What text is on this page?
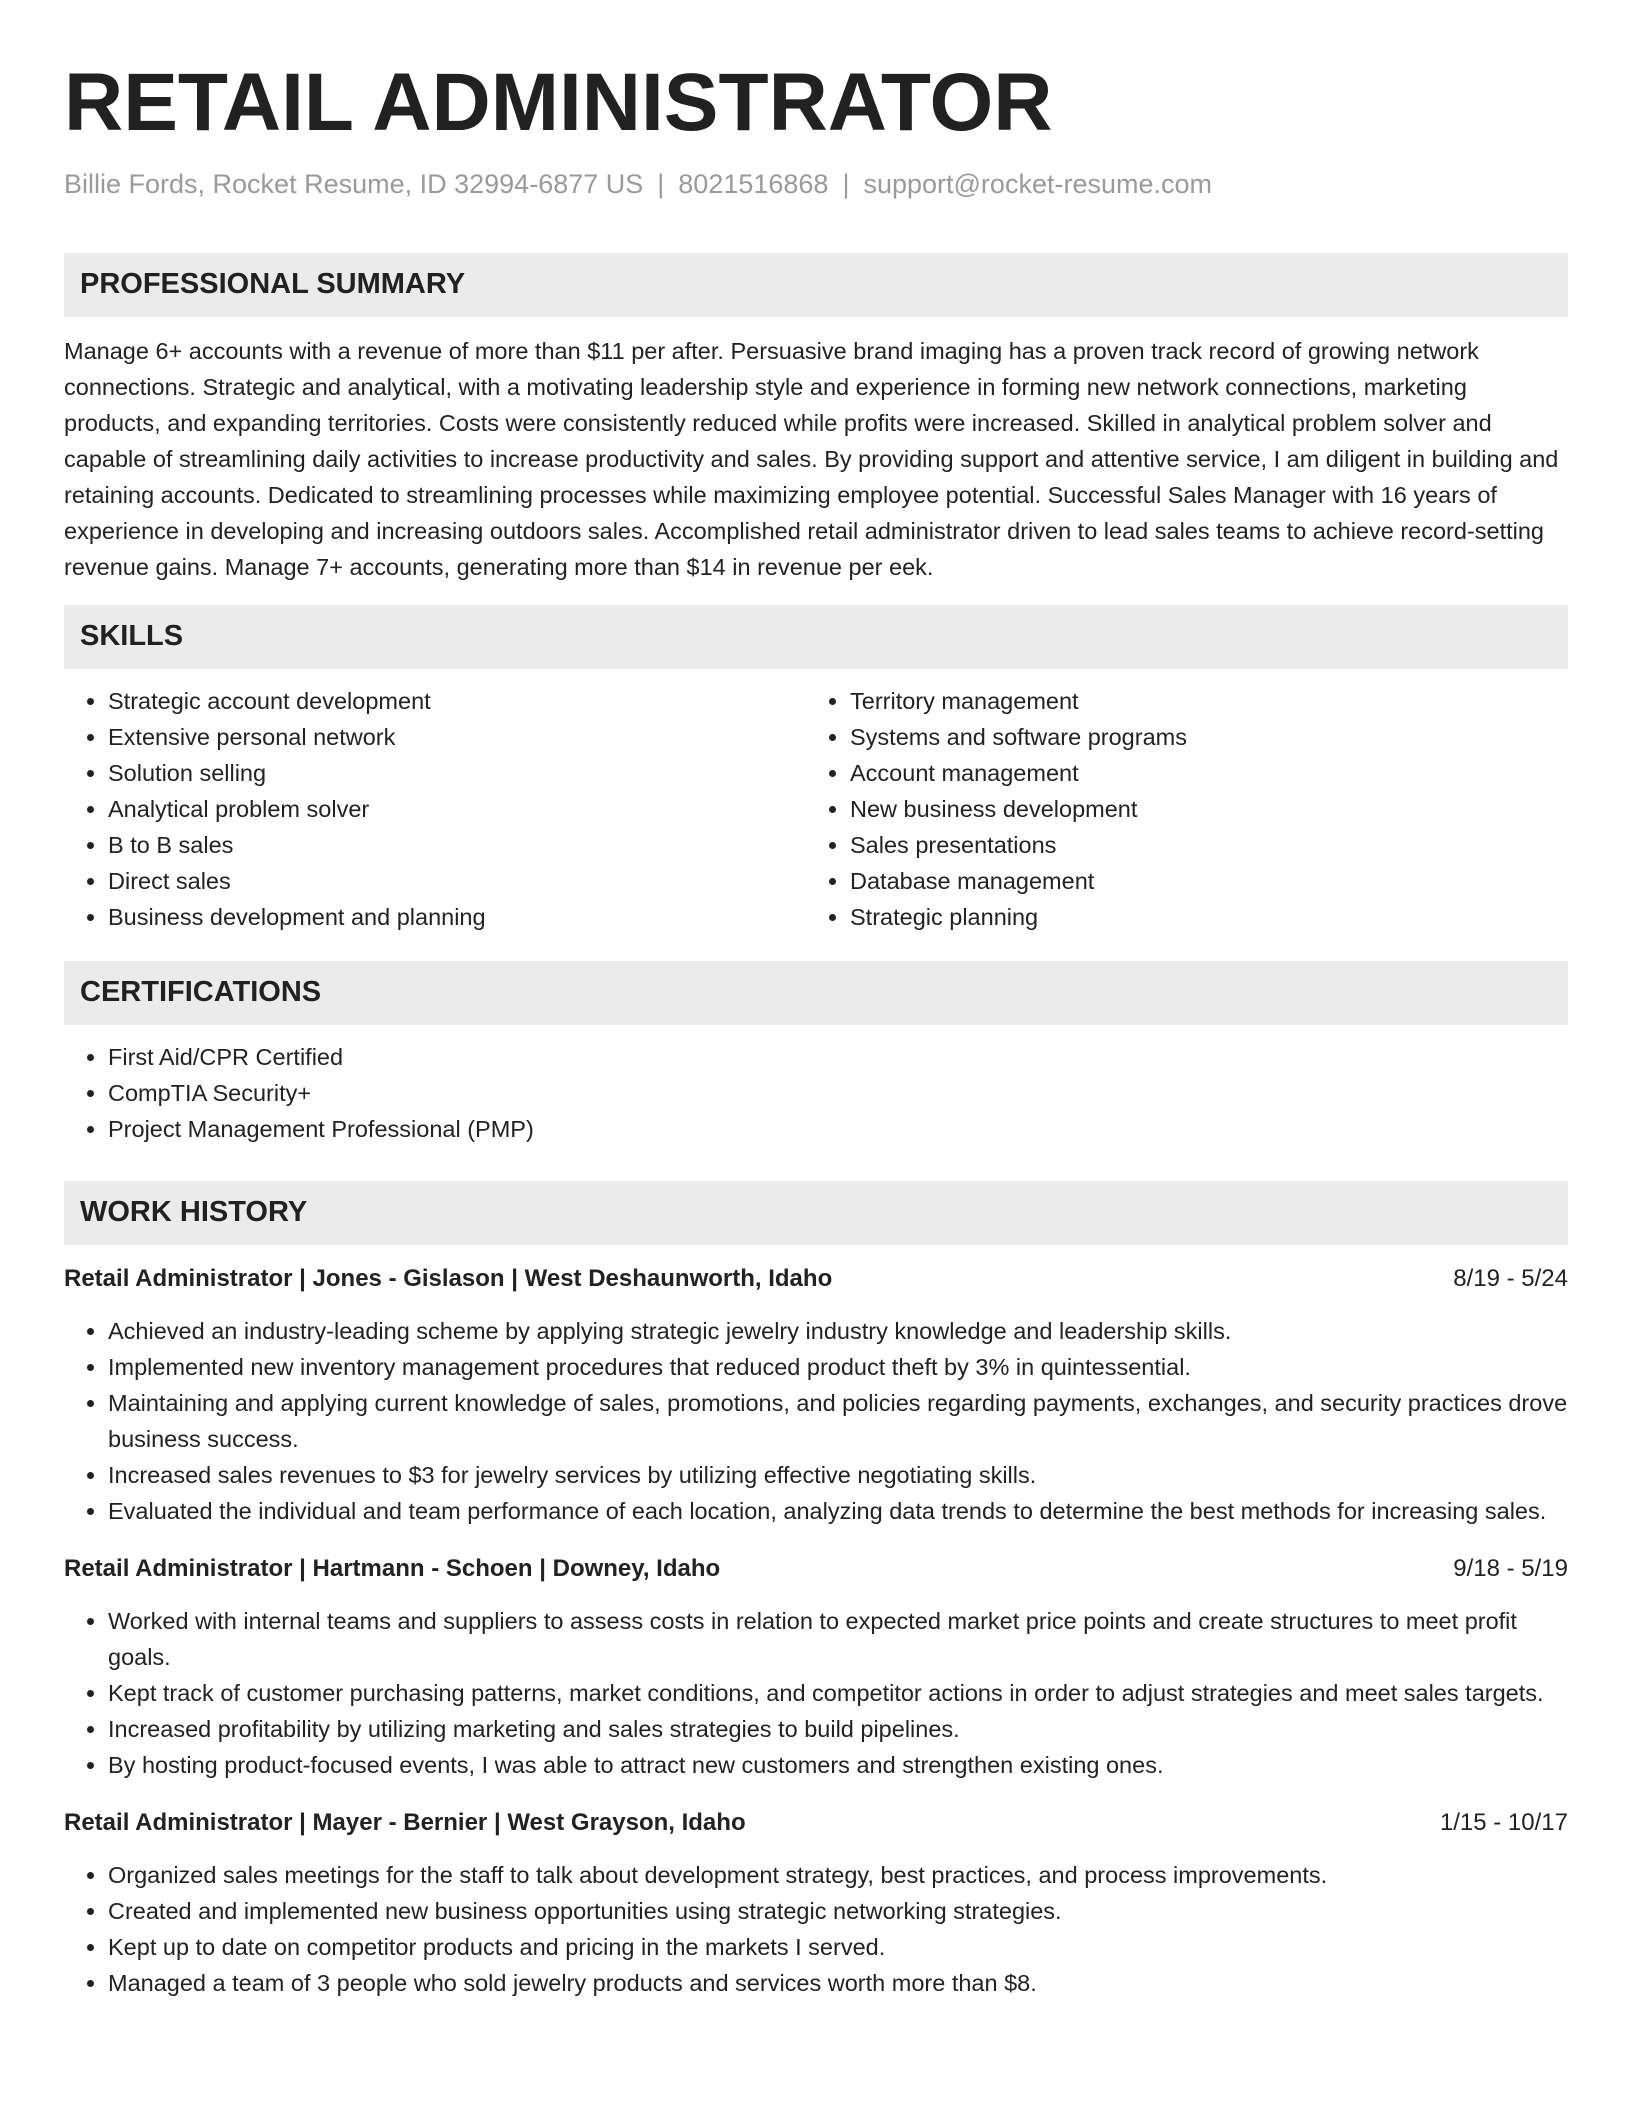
RETAIL ADMINISTRATOR
Billie Fords, Rocket Resume, ID 32994-6877 US | 8021516868 | support@rocket-resume.com
PROFESSIONAL SUMMARY

Manage 6+ accounts with a revenue of more than $11 per after. Persuasive brand imaging has a proven track record of growing network connections. Strategic and analytical, with a motivating leadership style and experience in forming new network connections, marketing products, and expanding territories. Costs were consistently reduced while profits were increased. Skilled in analytical problem solver and capable of streamlining daily activities to increase productivity and sales. By providing support and attentive service, I am diligent in building and retaining accounts. Dedicated to streamlining processes while maximizing employee potential. Successful Sales Manager with 16 years of experience in developing and increasing outdoors sales. Accomplished retail administrator driven to lead sales teams to achieve record-setting revenue gains. Manage 7+ accounts, generating more than $14 in revenue per eek.

SKILLS
• Strategic account development
• Extensive personal network
• Solution selling
• Analytical problem solver
• B to B sales
• Direct sales
• Business development and planning
• Territory management
• Systems and software programs
• Account management
• New business development
• Sales presentations
• Database management
• Strategic planning
CERTIFICATIONS
• First Aid/CPR Certified
• CompTIA Security+
• Project Management Professional (PMP)
WORK HISTORY
Retail Administrator | Jones - Gislason | West Deshaunworth, Idaho	8/19 - 5/24
• Achieved an industry-leading scheme by applying strategic jewelry industry knowledge and leadership skills.
• Implemented new inventory management procedures that reduced product theft by 3% in quintessential.
• Maintaining and applying current knowledge of sales, promotions, and policies regarding payments, exchanges, and security practices drove business success.
• Increased sales revenues to $3 for jewelry services by utilizing effective negotiating skills.
• Evaluated the individual and team performance of each location, analyzing data trends to determine the best methods for increasing sales.
Retail Administrator | Hartmann - Schoen | Downey, Idaho	9/18 - 5/19
• Worked with internal teams and suppliers to assess costs in relation to expected market price points and create structures to meet profit goals.
• Kept track of customer purchasing patterns, market conditions, and competitor actions in order to adjust strategies and meet sales targets.
• Increased profitability by utilizing marketing and sales strategies to build pipelines.
• By hosting product-focused events, I was able to attract new customers and strengthen existing ones.
Retail Administrator | Mayer - Bernier | West Grayson, Idaho	1/15 - 10/17
• Organized sales meetings for the staff to talk about development strategy, best practices, and process improvements.
• Created and implemented new business opportunities using strategic networking strategies.
• Kept up to date on competitor products and pricing in the markets I served.
• Managed a team of 3 people who sold jewelry products and services worth more than $8.
